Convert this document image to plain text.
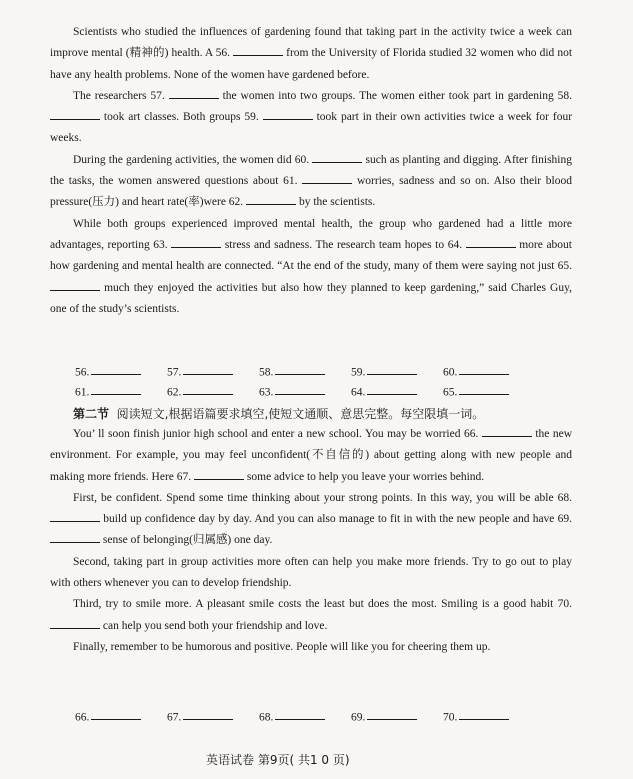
Scientists who studied the influences of gardening found that taking part in the activity twice a week can improve mental (精神的) health. A 56.	from the University of Florida studied 32 women who did not have any health problems. None of the women have gardened before.

The researchers 57.	the women into two groups. The women either took part in gardening 58.  took art classes. Both groups 59.	took part in their own activities twice a week for four weeks.

During the gardening activities, the women did 60.	such as planting and digging. After finishing the tasks, the women answered questions about 61.	worries, sadness and so on. Also their blood pressure(压力) and heart rate(率)were 62.	by the scientists.

While both groups experienced improved mental health, the group who gardened had a little more advantages, reporting 63.	stress and sadness. The research team hopes to 64.	more about how gardening and mental health are connected. “At the end of the study, many of them were saying not just 65.  much they enjoyed the activities but also how they planned to keep gardening,” said Charles Guy, one of the study’s scientists.

56.	57.	58.	59.	60.
61.	62.	63.	64.	65.
第二节 阅读短文,根据语篇要求填空,使短文通顺、意思完整。每空限填一词。

You’ ll soon finish junior high school and enter a new school. You may be worried 66.	the new environment. For example, you may feel unconfident(不自信的) about getting along with new people and making more friends. Here 67.	some advice to help you leave your worries behind.

First, be confident. Spend some time thinking about your strong points. In this way, you will be able 68.  build up confidence day by day. And you can also manage to fit in with the new people and have 69.  sense of belonging(归属感) one day.

Second, taking part in group activities more often can help you make more friends. Try to go out to play with others whenever you can to develop friendship.

Third, try to smile more. A pleasant smile costs the least but does the most. Smiling is a good habit 70.  can help you send both your friendship and love.

Finally, remember to be humorous and positive. People will like you for cheering them up.

66.	67.	68.	69.	70.
英语试卷 第9页( 共1 0 页)
